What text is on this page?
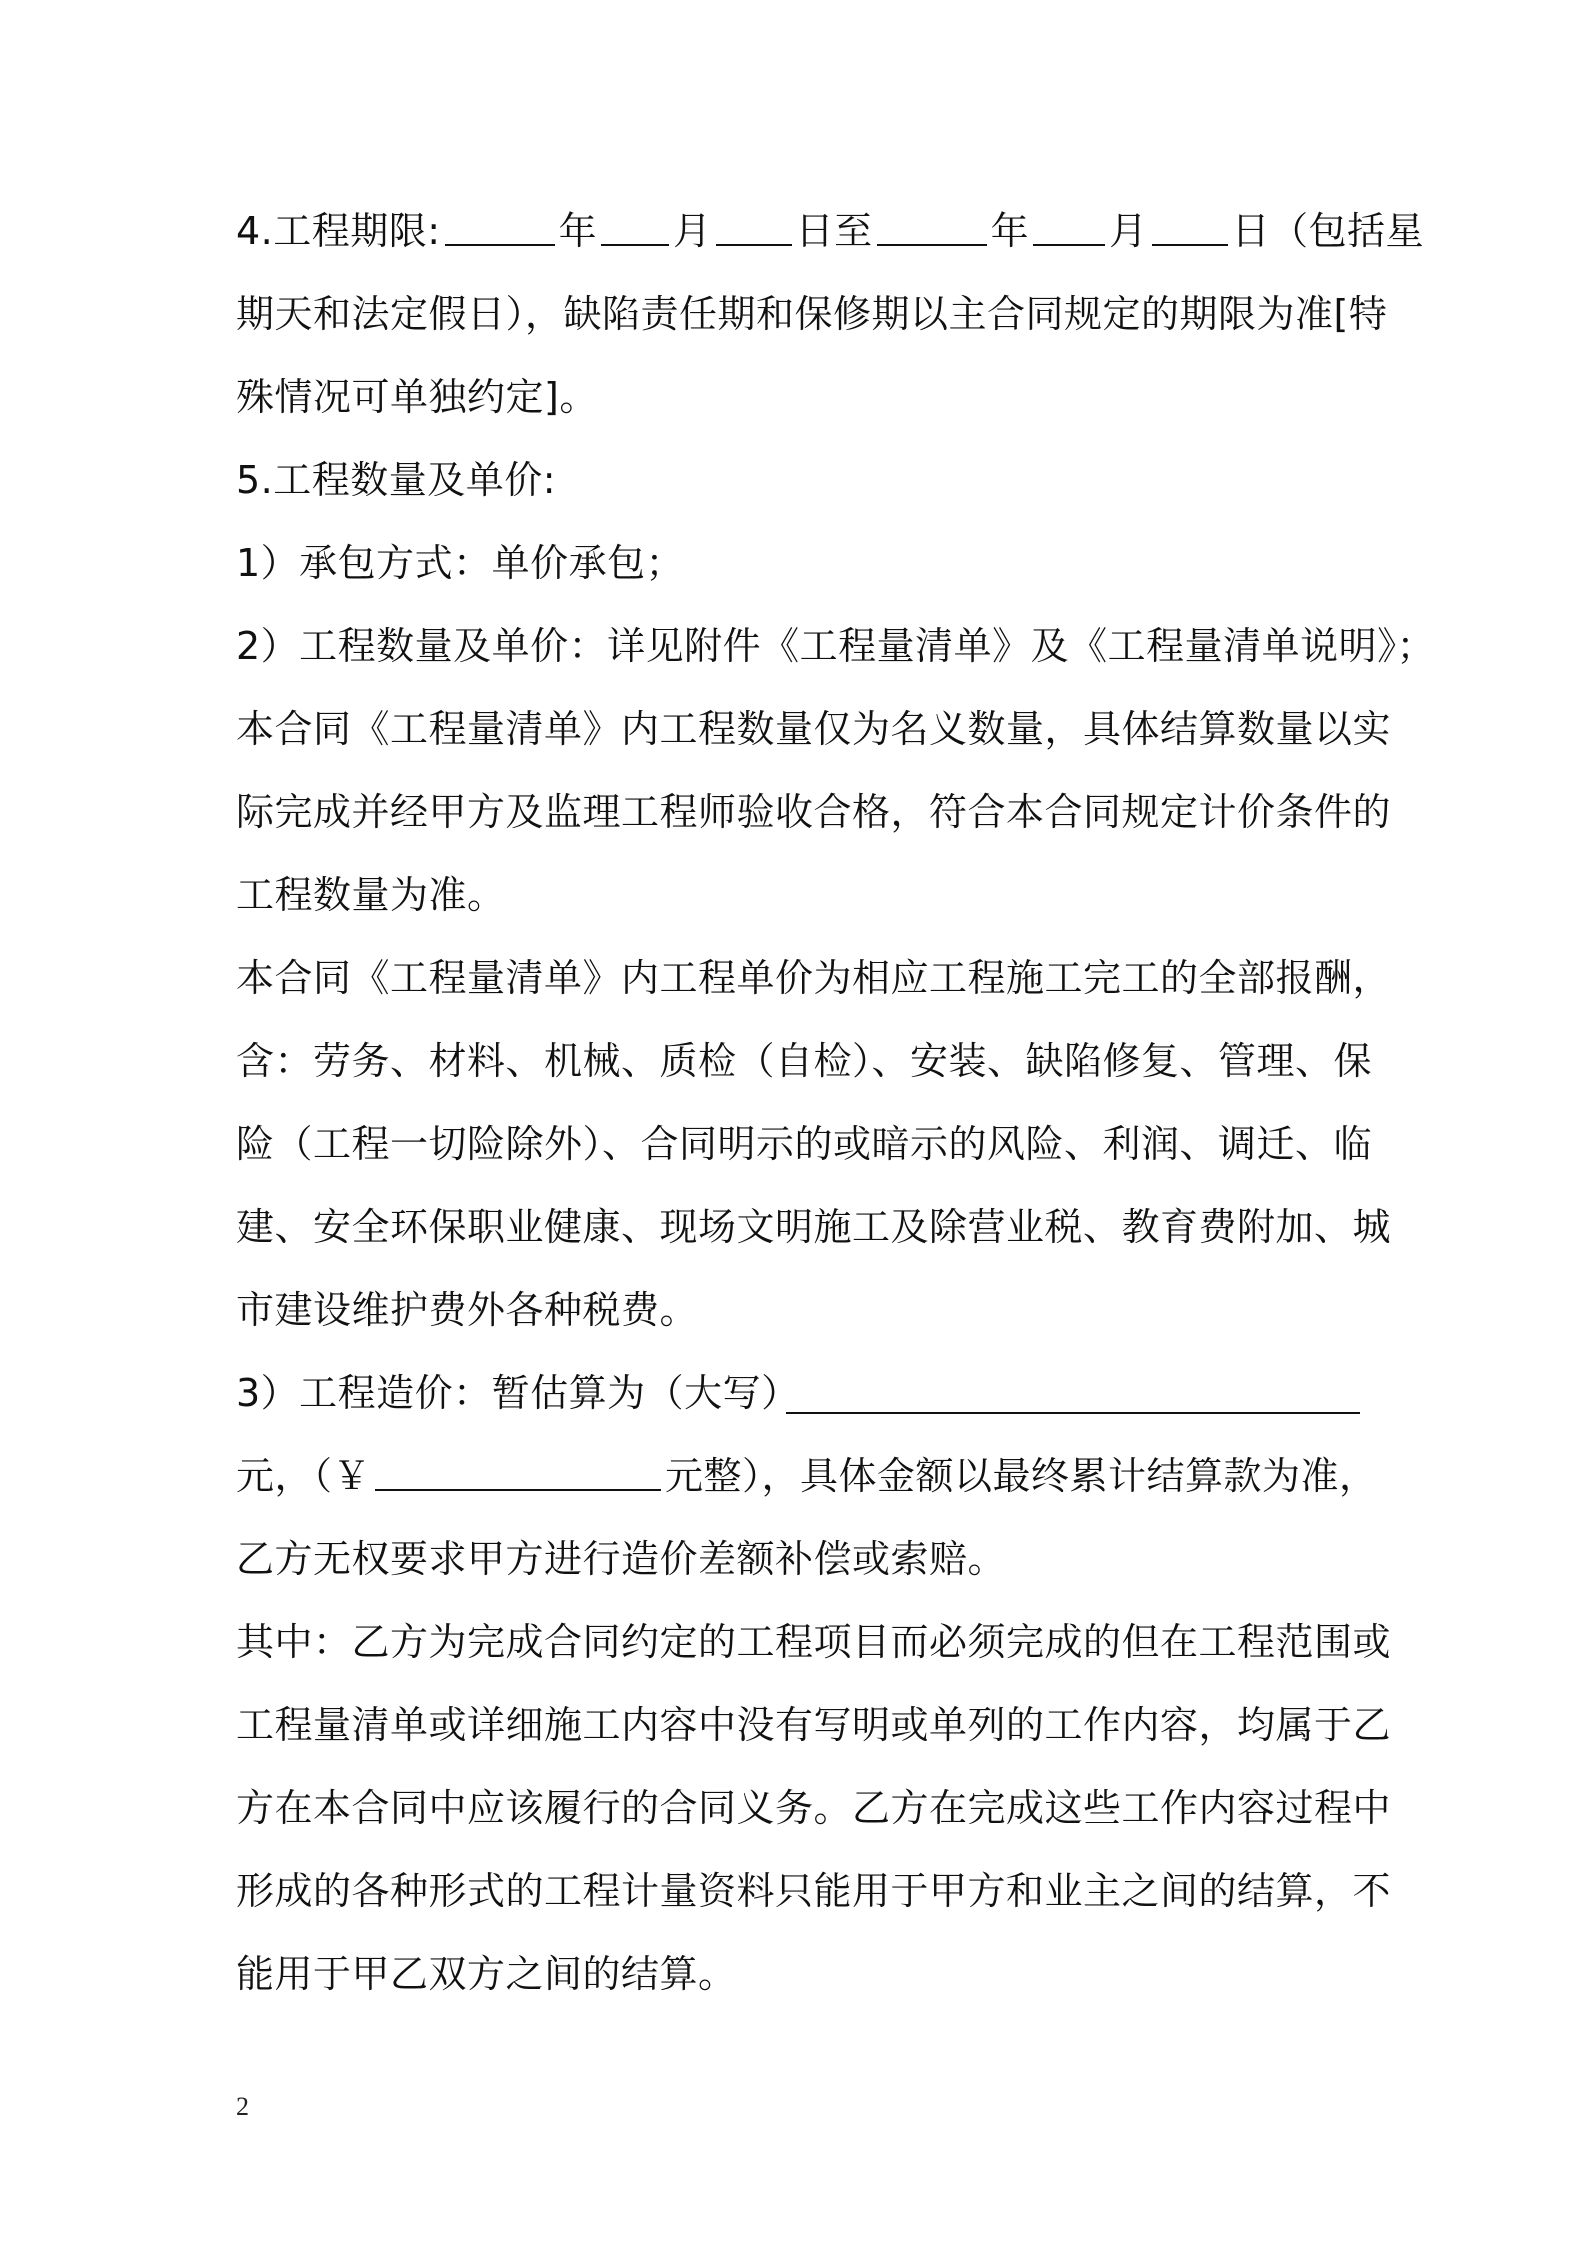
4.工程期限:	年 月 日至	年 月 日（包括星
期天和法定假日），缺陷责任期和保修期以主合同规定的期限为准[特
殊情况可单独约定]。
5.工程数量及单价:
1）承包方式：单价承包；
2）工程数量及单价：详见附件《工程量清单》及《工程量清单说明》；
本合同《工程量清单》内工程数量仅为名义数量，具体结算数量以实
际完成并经甲方及监理工程师验收合格，符合本合同规定计价条件的
工程数量为准。
本合同《工程量清单》内工程单价为相应工程施工完工的全部报酬，
含：劳务、材料、机械、质检（自检）、安装、缺陷修复、管理、保
险（工程一切险除外）、合同明示的或暗示的风险、利润、调迁、临
建、安全环保职业健康、现场文明施工及除营业税、教育费附加、城
市建设维护费外各种税费。
3）工程造价：暂估算为（大写）
元，（￥	元整），具体金额以最终累计结算款为准，
乙方无权要求甲方进行造价差额补偿或索赔。
其中：乙方为完成合同约定的工程项目而必须完成的但在工程范围或
工程量清单或详细施工内容中没有写明或单列的工作内容，均属于乙
方在本合同中应该履行的合同义务。乙方在完成这些工作内容过程中
形成的各种形式的工程计量资料只能用于甲方和业主之间的结算，不
能用于甲乙双方之间的结算。
2
